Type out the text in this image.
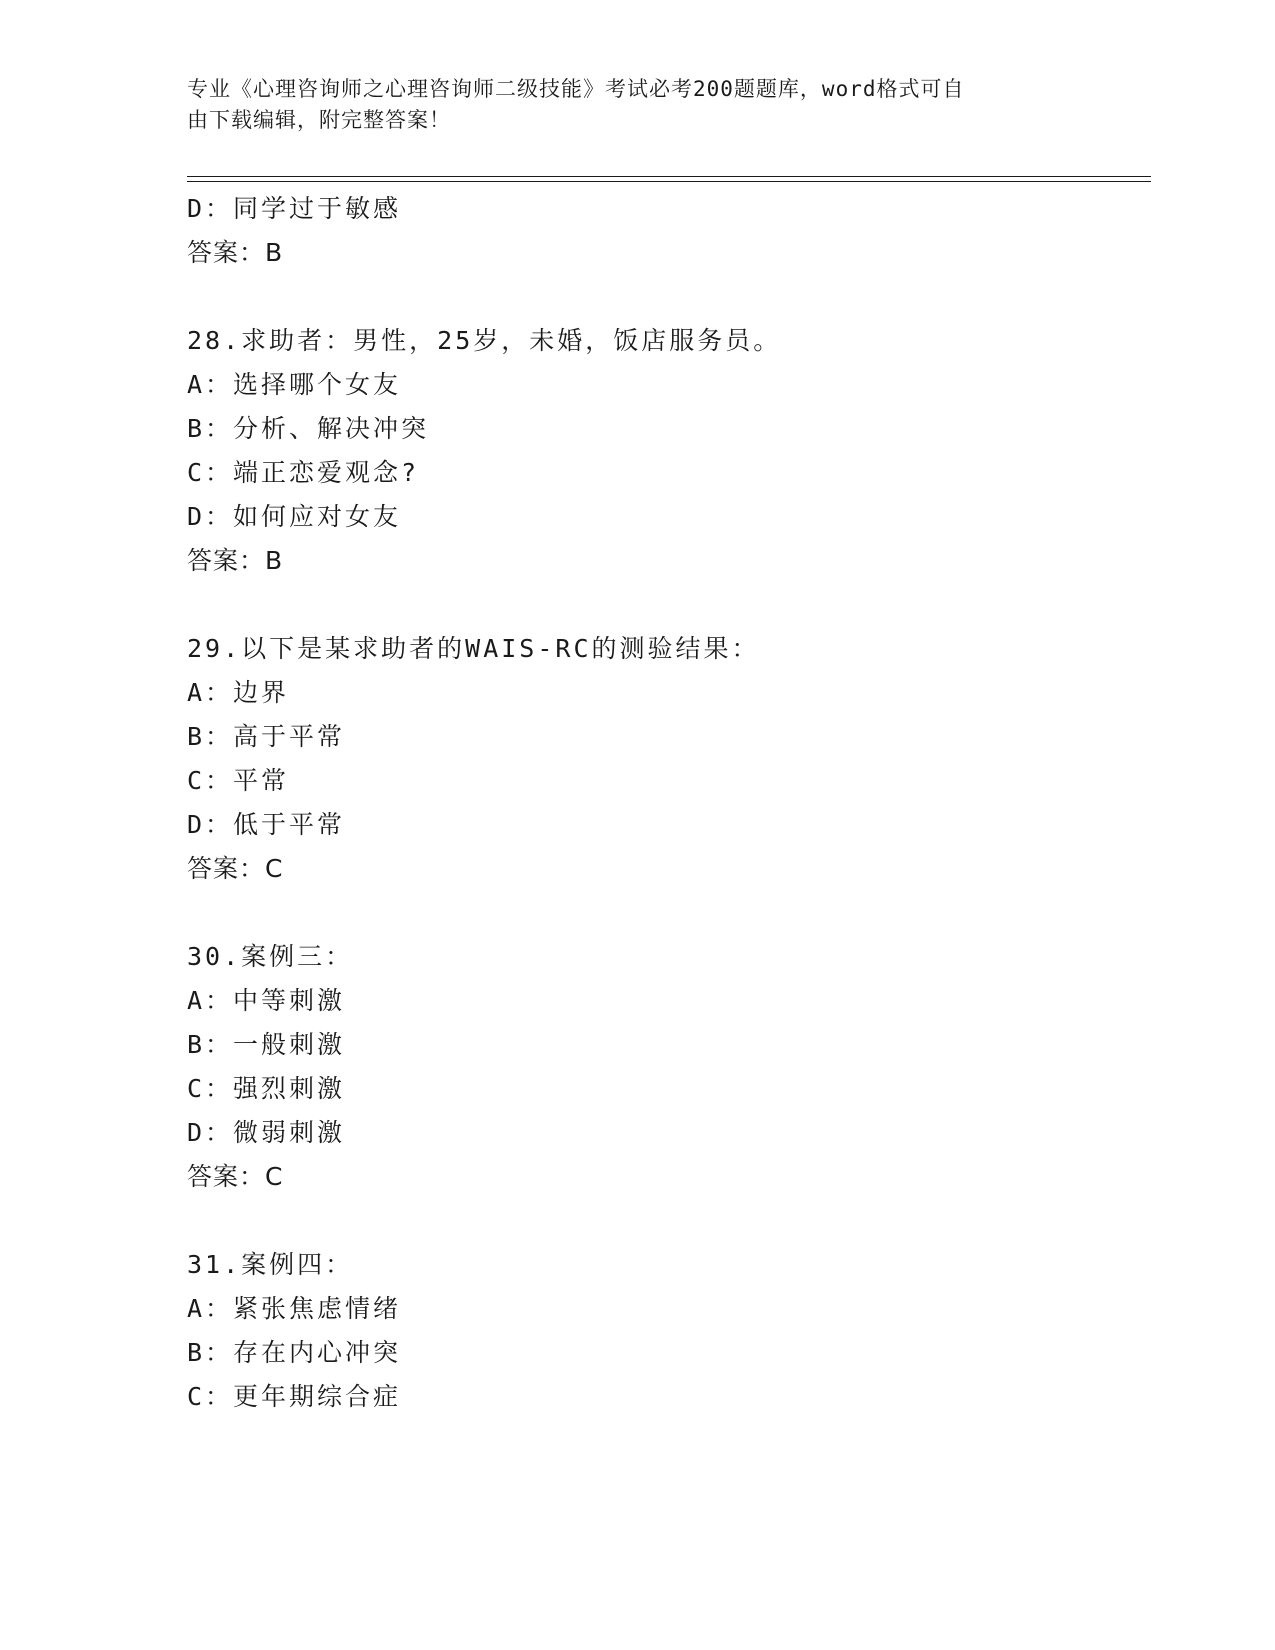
专业《心理咨询师之心理咨询师二级技能》考试必考200题题库，word格式可自
由下载编辑，附完整答案！
D：同学过于敏感
答案：B
28.求助者：男性，25岁，未婚，饭店服务员。
A：选择哪个女友
B：分析、解决冲突
C：端正恋爱观念?
D：如何应对女友
答案：B
29.以下是某求助者的WAIS-RC的测验结果：
A：边界
B：高于平常
C：平常
D：低于平常
答案：C
30.案例三：
A：中等刺激
B：一般刺激
C：强烈刺激
D：微弱刺激
答案：C
31.案例四：
A：紧张焦虑情绪
B：存在内心冲突
C：更年期综合症
